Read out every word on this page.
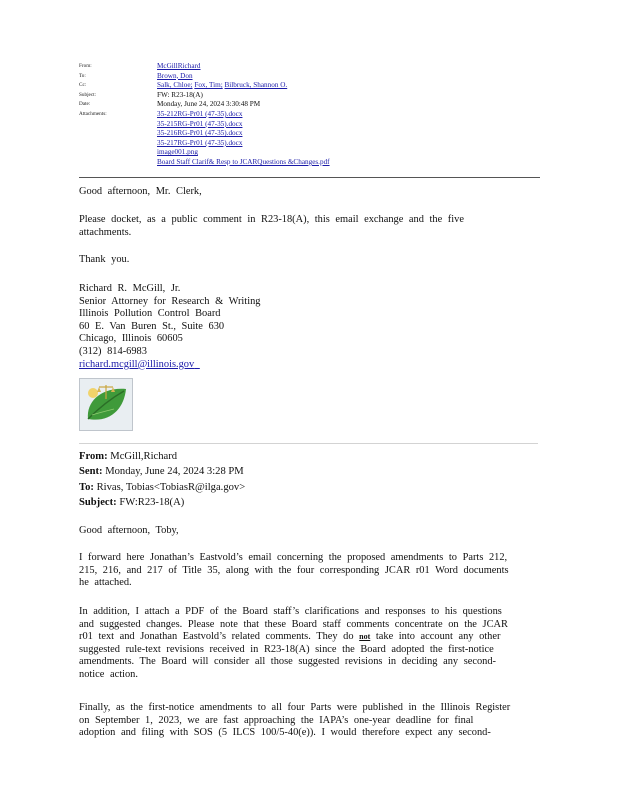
From:	McGillRichard
To:	Brown, Don
Cc:	Salk, Chloe; Fox, Tim; Bilbruck, Shannon O.
Subject:	FW: R23-18(A)
Date:	Monday, June 24, 2024 3:30:48 PM
Attachments:	35-212RG-Pr01 (47-35).docx
35-215RG-Pr01 (47-35).docx
35-216RG-Pr01 (47-35).docx
35-217RG-Pr01 (47-35).docx
image001.png
Board Staff Clarif& Resp to JCARQuestions &Changes.pdf

Good afternoon, Mr. Clerk,

Please docket, as a public comment in R23-18(A), this email exchange and the five

attachments.

Thank you.

Richard R. McGill, Jr.

Senior Attorney for Research & Writing

Illinois Pollution Control Board

60 E. Van Buren St., Suite 630

Chicago, Illinois 60605

(312) 814-6983

richard.mcgill@illinois.gov

From: McGill,Richard
Sent: Monday, June 24, 2024 3:28 PM
To: Rivas, Tobias<TobiasR@ilga.gov>
Subject: FW:R23-18(A)

Good afternoon, Toby,

I forward here Jonathan’s Eastvold’s email concerning the proposed amendments to Parts 212,

215, 216, and 217 of Title 35, along with the four corresponding JCAR r01 Word documents

he attached.

In addition, I attach a PDF of the Board staff’s clarifications and responses to his questions

and suggested changes. Please note that these Board staff comments concentrate on the JCAR

r01 text and Jonathan Eastvold’s related comments. They do not take into account any other

suggested rule-text revisions received in R23-18(A) since the Board adopted the first-notice

amendments. The Board will consider all those suggested revisions in deciding any second-

notice action.

Finally, as the first-notice amendments to all four Parts were published in the Illinois Register

on September 1, 2023, we are fast approaching the IAPA’s one-year deadline for final

adoption and filing with SOS (5 ILCS 100/5-40(e)). I would therefore expect any second-
